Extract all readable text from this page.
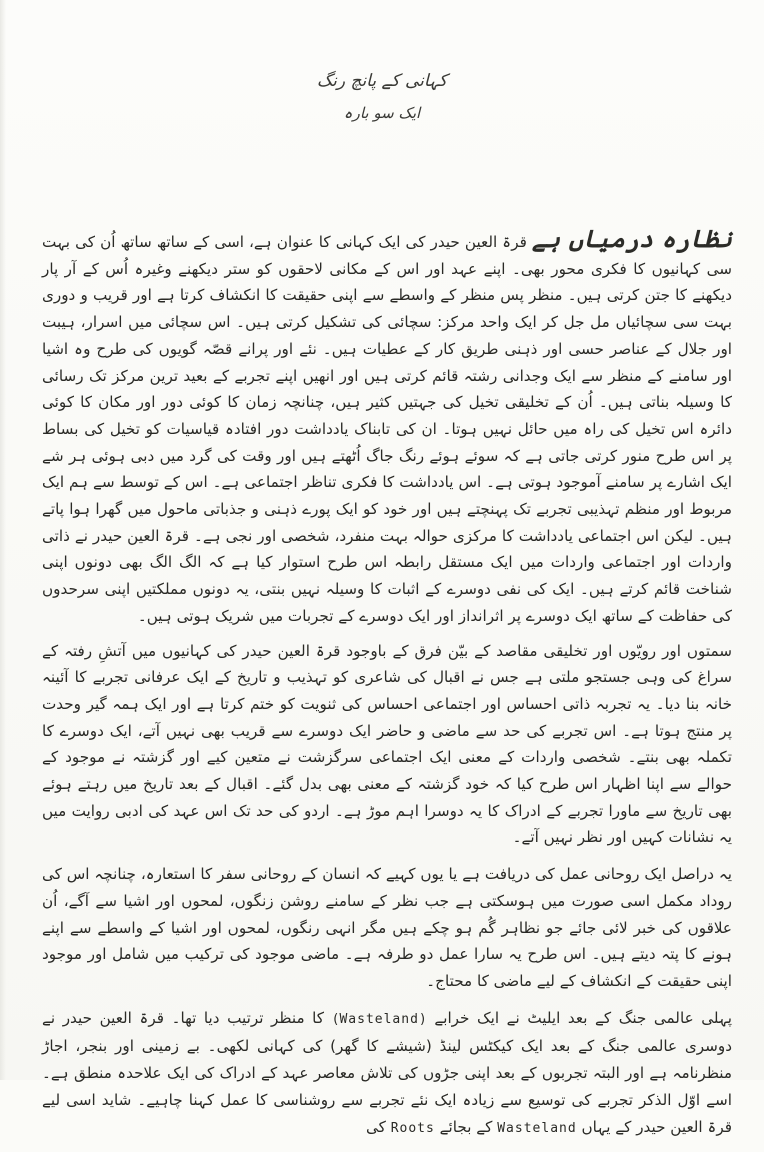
کہانی کے پانچ رنگ
ایک سو بارہ

نظارہ درمیاں ہے قرۃ العین حیدر کی ایک کہانی کا عنوان ہے، اسی کے ساتھ ساتھ اُن کی بہت سی کہانیوں کا فکری محور بھی۔ اپنے عہد اور اس کے مکانی لاحقوں کو ستر دیکھنے وغیرہ اُس کے آر پار دیکھنے کا جتن کرتی ہیں۔ منظر پس منظر کے واسطے سے اپنی حقیقت کا انکشاف کرتا ہے اور قریب و دوری بہت سی سچائیاں مل جل کر ایک واحد مرکز: سچائی کی تشکیل کرتی ہیں۔ اس سچائی میں اسرار، ہیبت اور جلال کے عناصر حسی اور ذہنی طریق کار کے عطیات ہیں۔ نئے اور پرانے قصّہ گویوں کی طرح وہ اشیا اور سامنے کے منظر سے ایک وجدانی رشتہ قائم کرتی ہیں اور انھیں اپنے تجربے کے بعید ترین مرکز تک رسائی کا وسیلہ بناتی ہیں۔ اُن کے تخلیقی تخیل کی جہتیں کثیر ہیں، چنانچہ زمان کا کوئی دور اور مکان کا کوئی دائرہ اس تخیل کی راہ میں حائل نہیں ہوتا۔ ان کی تابناک یادداشت دور افتادہ قیاسیات کو تخیل کی بساط پر اس طرح منور کرتی جاتی ہے کہ سوئے ہوئے رنگ جاگ اُٹھتے ہیں اور وقت کی گرد میں دبی ہوئی ہر شے ایک اشارے پر سامنے آموجود ہوتی ہے۔ اس یادداشت کا فکری تناظر اجتماعی ہے۔ اس کے توسط سے ہم ایک مربوط اور منظم تہذیبی تجربے تک پہنچتے ہیں اور خود کو ایک پورے ذہنی و جذباتی ماحول میں گھرا ہوا پاتے ہیں۔ لیکن اس اجتماعی یادداشت کا مرکزی حوالہ بہت منفرد، شخصی اور نجی ہے۔ قرۃ العین حیدر نے ذاتی واردات اور اجتماعی واردات میں ایک مستقل رابطہ اس طرح استوار کیا ہے کہ الگ الگ بھی دونوں اپنی شناخت قائم کرتے ہیں۔ ایک کی نفی دوسرے کے اثبات کا وسیلہ نہیں بنتی، یہ دونوں مملکتیں اپنی سرحدوں کی حفاظت کے ساتھ ایک دوسرے پر اثرانداز اور ایک دوسرے کے تجربات میں شریک ہوتی ہیں۔

سمتوں اور رویّوں اور تخلیقی مقاصد کے بیّن فرق کے باوجود قرۃ العین حیدر کی کہانیوں میں آتشِ رفتہ کے سراغ کی وہی جستجو ملتی ہے جس نے اقبال کی شاعری کو تہذیب و تاریخ کے ایک عرفانی تجربے کا آئینہ خانہ بنا دیا۔ یہ تجربہ ذاتی احساس اور اجتماعی احساس کی ثنویت کو ختم کرتا ہے اور ایک ہمہ گیر وحدت پر منتج ہوتا ہے۔ اس تجربے کی حد سے ماضی و حاضر ایک دوسرے سے قریب بھی نہیں آتے، ایک دوسرے کا تکملہ بھی بنتے۔ شخصی واردات کے معنی ایک اجتماعی سرگزشت نے متعین کیے اور گزشتہ نے موجود کے حوالے سے اپنا اظہار اس طرح کیا کہ خود گزشتہ کے معنی بھی بدل گئے۔ اقبال کے بعد تاریخ میں رہتے ہوئے بھی تاریخ سے ماورا تجربے کے ادراک کا یہ دوسرا اہم موڑ ہے۔ اردو کی حد تک اس عہد کی ادبی روایت میں یہ نشانات کہیں اور نظر نہیں آتے۔

یہ دراصل ایک روحانی عمل کی دریافت ہے یا یوں کہیے کہ انسان کے روحانی سفر کا استعارہ، چنانچہ اس کی روداد مکمل اسی صورت میں ہوسکتی ہے جب نظر کے سامنے روشن زنگوں، لمحوں اور اشیا سے آگے، اُن علاقوں کی خبر لائی جائے جو نظاہر گُم ہو چکے ہیں مگر انہی رنگوں، لمحوں اور اشیا کے واسطے سے اپنے ہونے کا پتہ دیتے ہیں۔ اس طرح یہ سارا عمل دو طرفہ ہے۔ ماضی موجود کی ترکیب میں شامل اور موجود اپنی حقیقت کے انکشاف کے لیے ماضی کا محتاج۔

پہلی عالمی جنگ کے بعد ایلیٹ نے ایک خرابے (Wasteland) کا منظر ترتیب دیا تھا۔ قرۃ العین حیدر نے دوسری عالمی جنگ کے بعد ایک کیکٹس لینڈ (شیشے کا گھر) کی کہانی لکھی۔ بے زمینی اور بنجر، اجاڑ منظرنامہ ہے اور البتہ تجربوں کے بعد اپنی جڑوں کی تلاش معاصر عہد کے ادراک کی ایک علاحدہ منطق ہے۔ اسے اوّل الذکر تجربے کی توسیع سے زیادہ ایک نئے تجربے سے روشناسی کا عمل کہنا چاہیے۔ شاید اسی لیے قرۃ العین حیدر کے یہاں Wasteland کے بجائے Roots کی
